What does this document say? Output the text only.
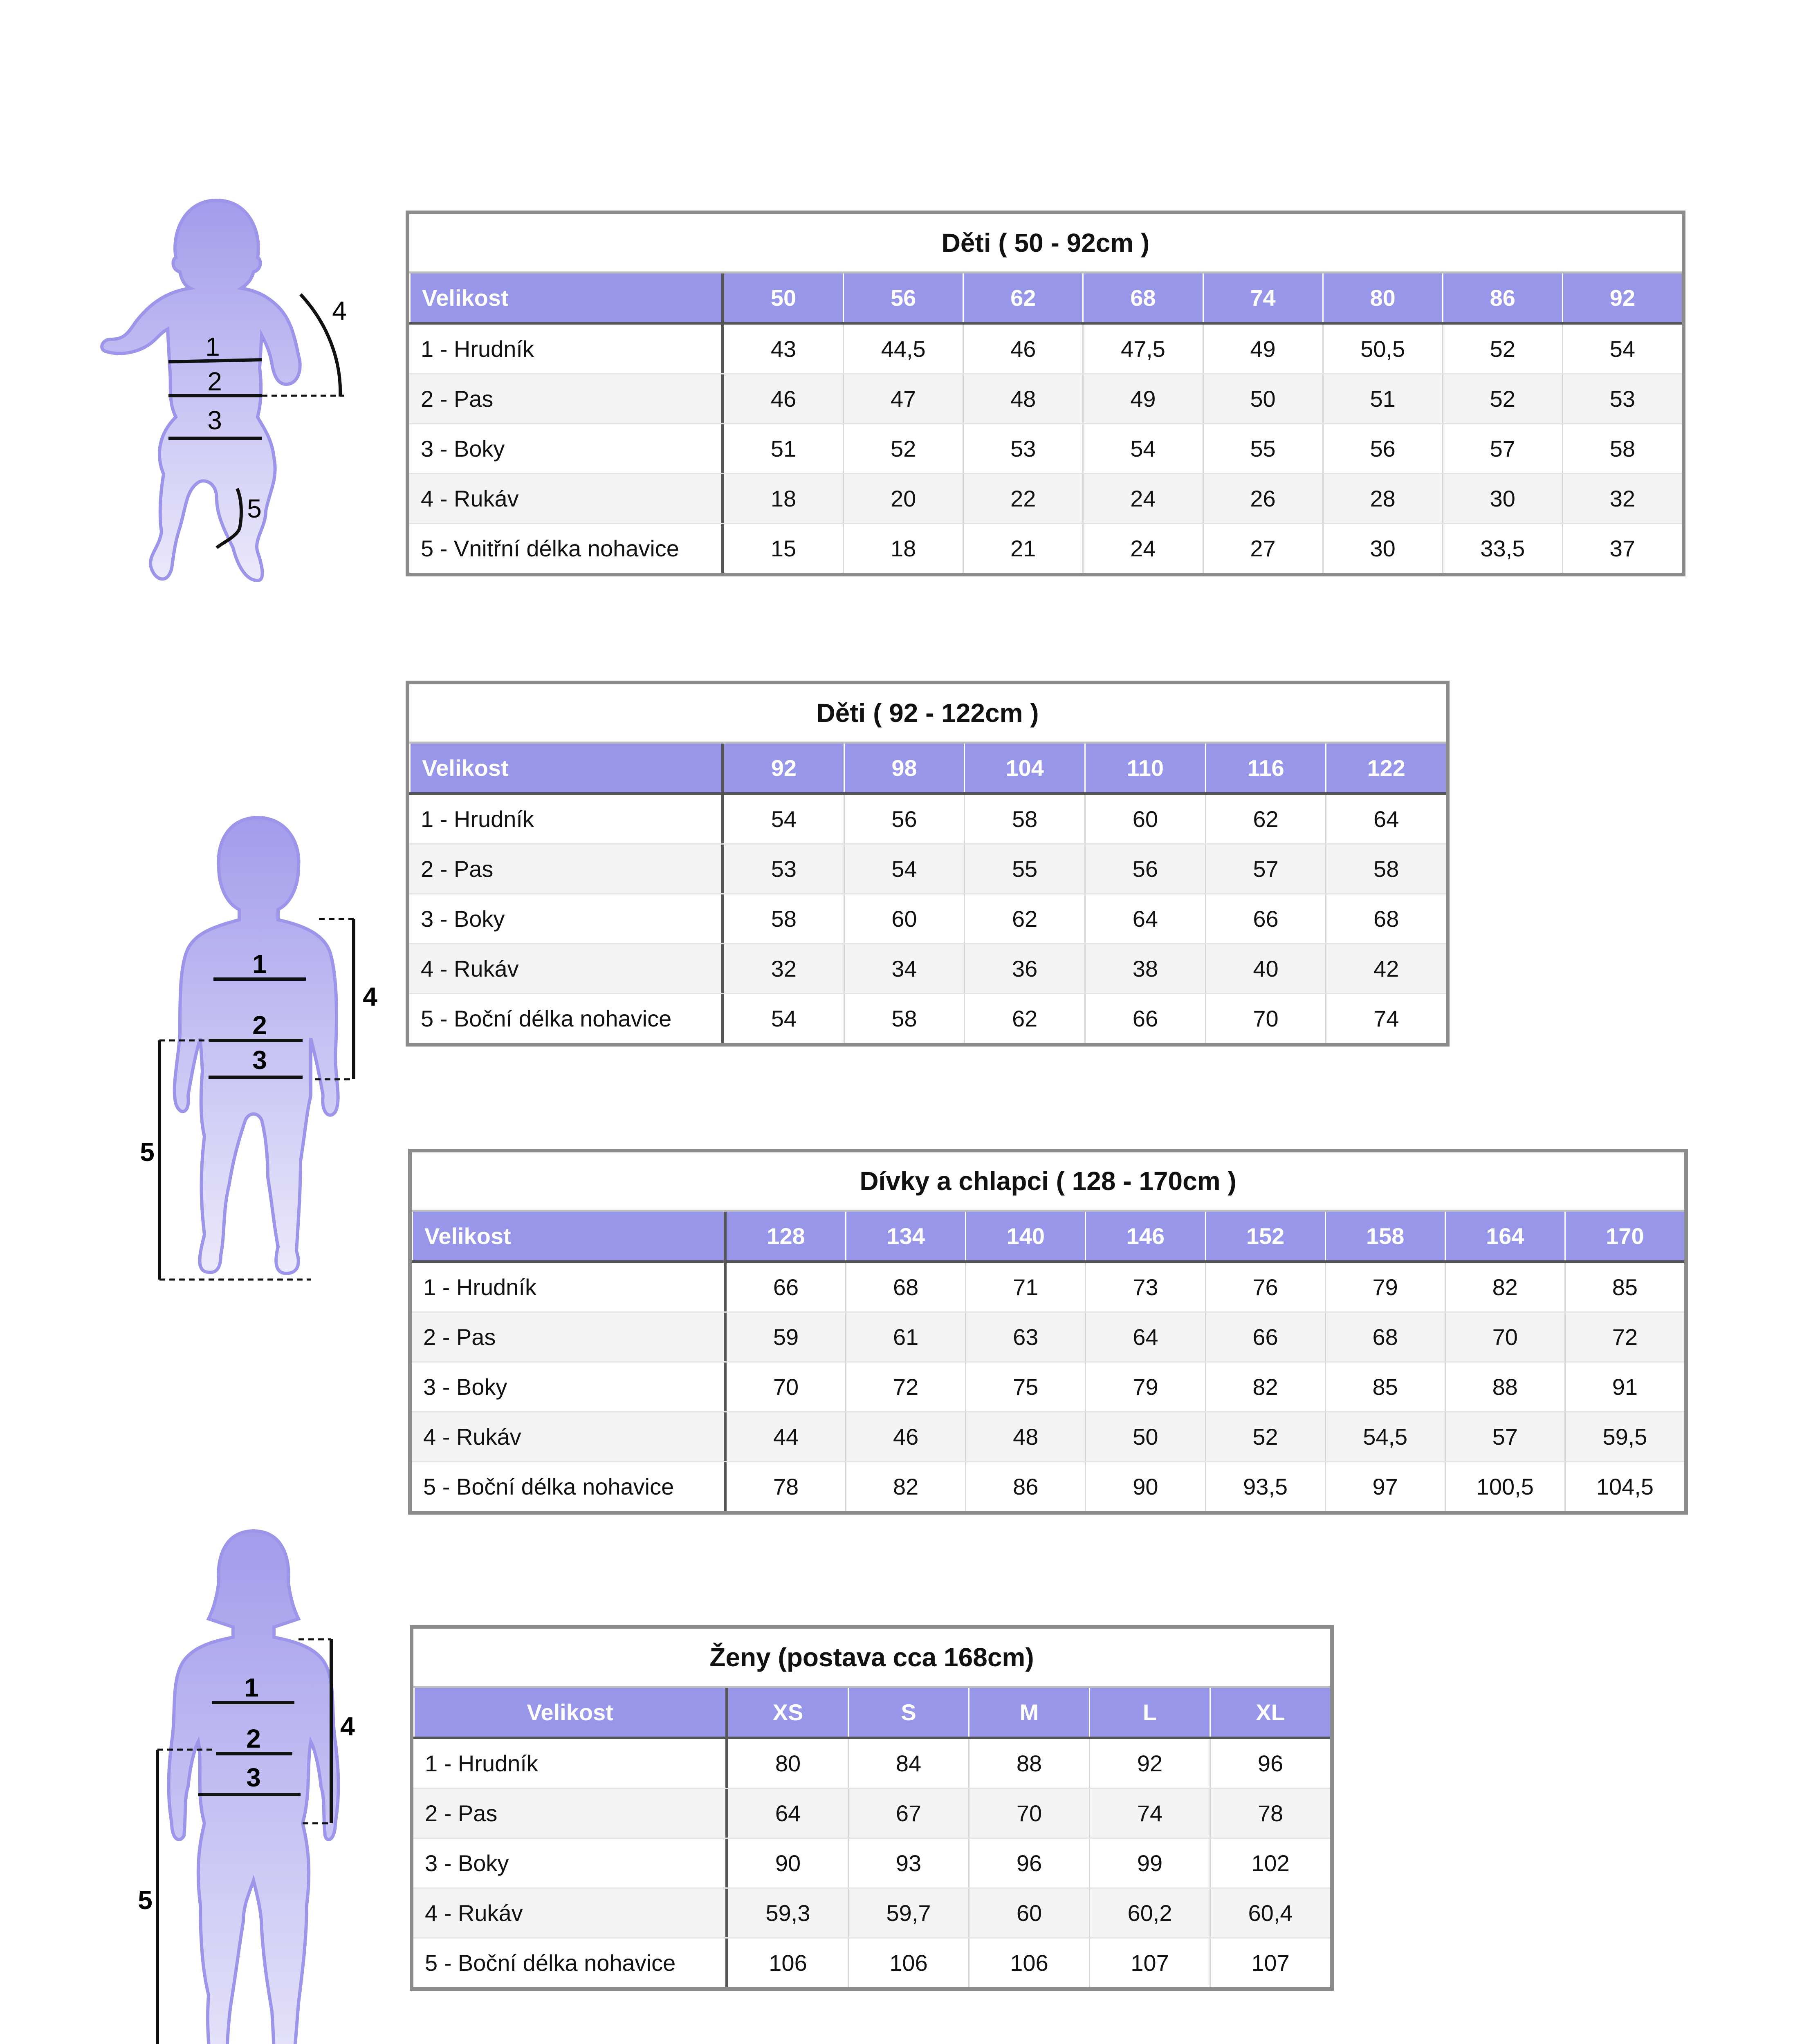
1
2
3
4
5
1
2
3
4
5
1
2
3
4
5
Děti ( 50 - 92cm )
Velikost	50	56	62	68	74	80	86	92
1 - Hrudník	43	44,5	46	47,5	49	50,5	52	54
2 - Pas	46	47	48	49	50	51	52	53
3 - Boky	51	52	53	54	55	56	57	58
4 - Rukáv	18	20	22	24	26	28	30	32
5 - Vnitřní délka nohavice	15	18	21	24	27	30	33,5	37
Děti ( 92 - 122cm )
Velikost	92	98	104	110	116	122
1 - Hrudník	54	56	58	60	62	64
2 - Pas	53	54	55	56	57	58
3 - Boky	58	60	62	64	66	68
4 - Rukáv	32	34	36	38	40	42
5 - Boční délka nohavice	54	58	62	66	70	74
Dívky a chlapci ( 128 - 170cm )
Velikost	128	134	140	146	152	158	164	170
1 - Hrudník	66	68	71	73	76	79	82	85
2 - Pas	59	61	63	64	66	68	70	72
3 - Boky	70	72	75	79	82	85	88	91
4 - Rukáv	44	46	48	50	52	54,5	57	59,5
5 - Boční délka nohavice	78	82	86	90	93,5	97	100,5	104,5
Ženy (postava cca 168cm)
Velikost	XS	S	M	L	XL
1 - Hrudník	80	84	88	92	96
2 - Pas	64	67	70	74	78
3 - Boky	90	93	96	99	102
4 - Rukáv	59,3	59,7	60	60,2	60,4
5 - Boční délka nohavice	106	106	106	107	107
